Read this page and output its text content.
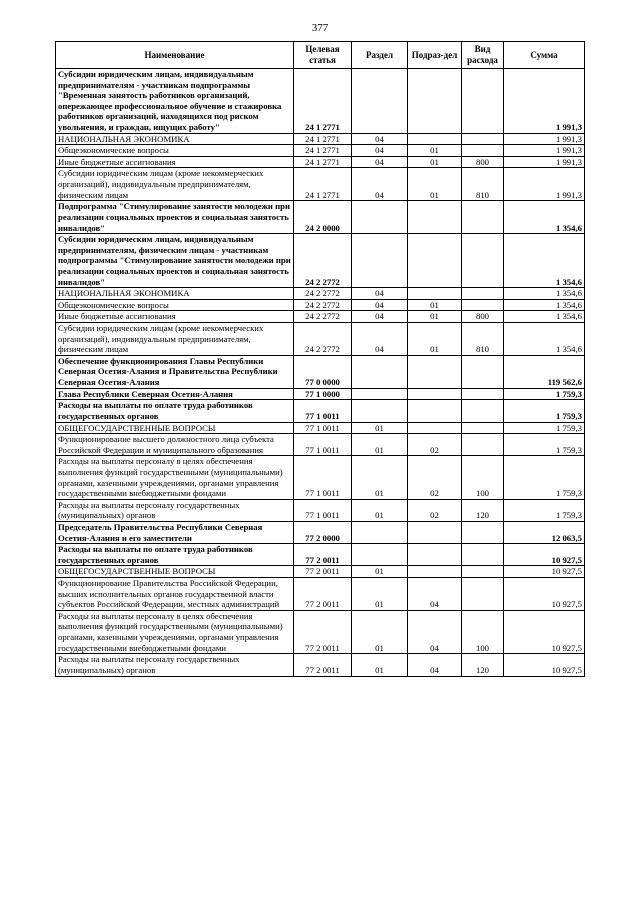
377
Наименование	Целевая статья	Раздел	Подраз-дел	Вид расхода	Сумма
Субсидии юридическим лицам, индивидуальным предпринимателям - участникам подпрограммы "Временная занятость работников организаций, опережающее профессиональное обучение и стажировка работников организаций, находящихся под риском увольнения, и граждан, ищущих работу"	24 1 2771				1 991,3
НАЦИОНАЛЬНАЯ ЭКОНОМИКА	24 1 2771	04			1 991,3
Общеэкономические вопросы	24 1 2771	04	01		1 991,3
Иные бюджетные ассигнования	24 1 2771	04	01	800	1 991,3
Субсидии юридическим лицам (кроме некоммерческих организаций), индивидуальным предпринимателям, физическим лицам	24 1 2771	04	01	810	1 991,3
Подпрограмма "Стимулирование занятости молодежи при реализации социальных проектов и социальная занятость инвалидов"	24 2 0000				1 354,6
Субсидии юридическим лицам, индивидуальным предпринимателям, физическим лицам - участникам подпрограммы "Стимулирование занятости молодежи при реализации социальных проектов и социальная занятость инвалидов"	24 2 2772				1 354,6
НАЦИОНАЛЬНАЯ ЭКОНОМИКА	24 2 2772	04			1 354,6
Общеэкономические вопросы	24 2 2772	04	01		1 354,6
Иные бюджетные ассигнования	24 2 2772	04	01	800	1 354,6
Субсидии юридическим лицам (кроме некоммерческих организаций), индивидуальным предпринимателям, физическим лицам	24 2 2772	04	01	810	1 354,6
Обеспечение функционирования Главы Республики Северная Осетия-Алания и Правительства Республики Северная Осетия-Алания	77 0 0000				119 562,6
Глава Республики Северная Осетия-Алания	77 1 0000				1 759,3
Расходы на выплаты по оплате труда работников государственных органов	77 1 0011				1 759,3
ОБЩЕГОСУДАРСТВЕННЫЕ ВОПРОСЫ	77 1 0011	01			1 759,3
Функционирование высшего должностного лица субъекта Российской Федерации и муниципального образования	77 1 0011	01	02		1 759,3
Расходы на выплаты персоналу в целях обеспечения выполнения функций государственными (муниципальными) органами, казенными учреждениями, органами управления государственными внебюджетными фондами	77 1 0011	01	02	100	1 759,3
Расходы на выплаты персоналу государственных (муниципальных) органов	77 1 0011	01	02	120	1 759,3
Председатель Правительства Республики Северная Осетия-Алания и его заместители	77 2 0000				12 063,5
Расходы на выплаты по оплате труда работников государственных органов	77 2 0011				10 927,5
ОБЩЕГОСУДАРСТВЕННЫЕ ВОПРОСЫ	77 2 0011	01			10 927,5
Функционирование Правительства Российской Федерации, высших исполнительных органов государственной власти субъектов Российской Федерации, местных администраций	77 2 0011	01	04		10 927,5
Расходы на выплаты персоналу в целях обеспечения выполнения функций государственными (муниципальными) органами, казенными учреждениями, органами управления государственными внебюджетными фондами	77 2 0011	01	04	100	10 927,5
Расходы на выплаты персоналу государственных (муниципальных) органов	77 2 0011	01	04	120	10 927,5
